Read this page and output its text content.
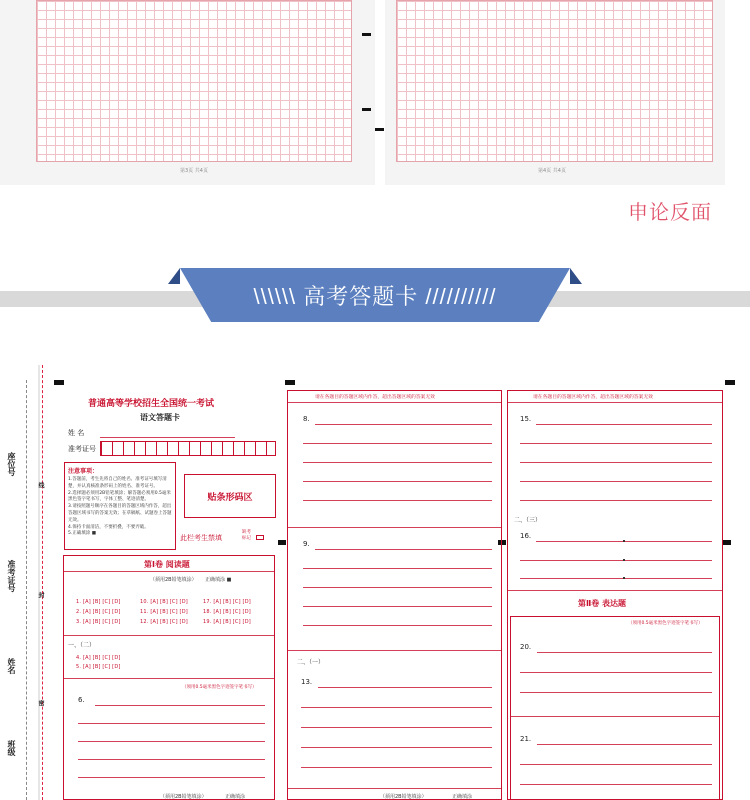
第3页 共4页	第4页 共4页
申论反面
\\\\\\ 高考答题卡 //////////
座位号
准考证号
姓名
班级
线
封
密
普通高等学校招生全国统一考试
语文答题卡
姓 名
准考证号
注意事项：
1.答题前，考生先将自己的姓名、准考证号填写清楚，并认真核准条形码上的姓名、准考证号。
2.选择题必须用2B铅笔填涂；解答题必须用0.5毫米黑色签字笔书写，字体工整、笔迹清楚。
3.请按照题号顺序在各题目的答题区域内作答，超出答题区域书写的答案无效；在草稿纸、试题卷上答题无效。
4.保持卡面清洁，不要折叠，不要弄破。
5.正确填涂 ■
贴条形码区
此栏考生禁填
缺考标记
第Ⅰ卷 阅读题
（须用2B铅笔填涂） 正确填涂 ■
1. [A] [B] [C] [D]	10. [A] [B] [C] [D]	17. [A] [B] [C] [D]
2. [A] [B] [C] [D]	11. [A] [B] [C] [D]	18. [A] [B] [C] [D]
3. [A] [B] [C] [D]	12. [A] [B] [C] [D]	19. [A] [B] [C] [D]
一、（二）
4. [A] [B] [C] [D]
5. [A] [B] [C] [D]
（须用0.5毫米黑色字迹签字笔书写）
6.
（须用2B铅笔填涂）	正确填涂
请在各题目的答题区域内作答，超出答题区域的答案无效
8.
9.
二、（一）
13.
（须用2B铅笔填涂）	正确填涂
请在各题目的答题区域内作答，超出答题区域的答案无效
15.
二、（三）
16.
第Ⅱ卷 表达题
（须用0.5毫米黑色字迹签字笔书写）
20.
21.
